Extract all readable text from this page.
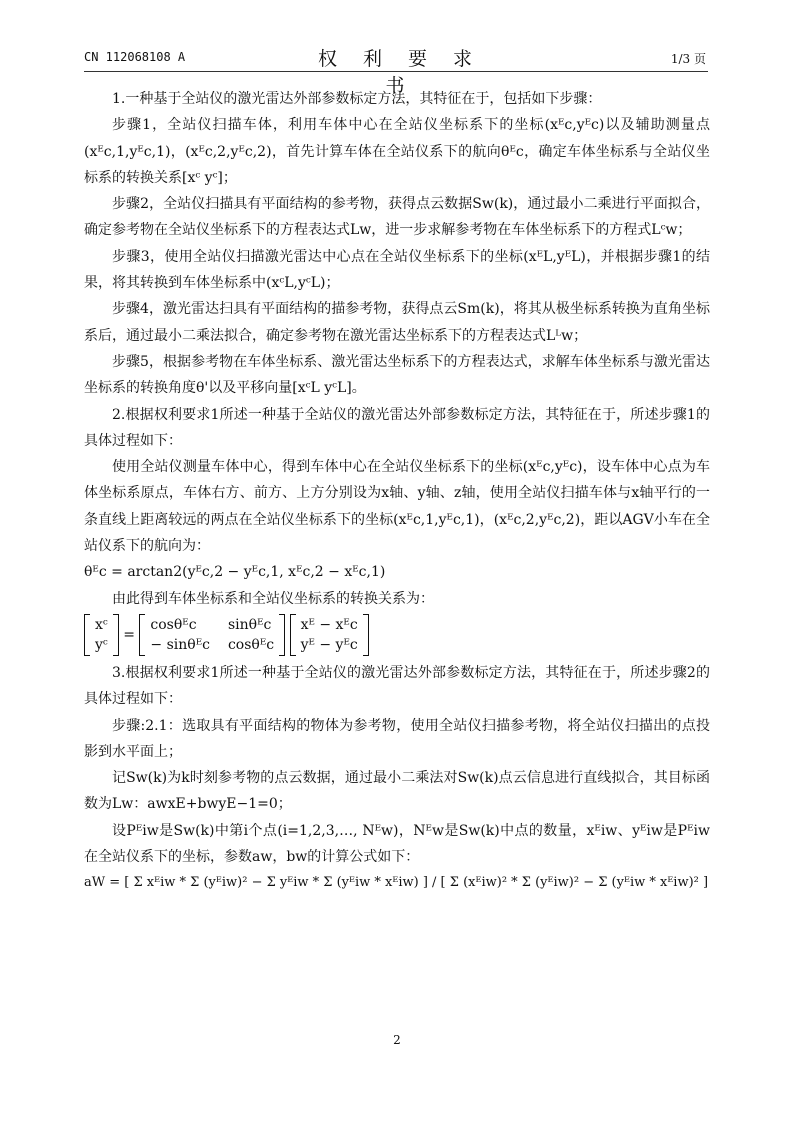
CN 112068108 A	权 利 要 求 书
1/3 页

1.一种基于全站仪的激光雷达外部参数标定方法，其特征在于，包括如下步骤：

步骤1，全站仪扫描车体，利用车体中心在全站仪坐标系下的坐标(xᴱc,yᴱc)以及辅助测量点(xᴱc,1,yᴱc,1)，(xᴱc,2,yᴱc,2)，首先计算车体在全站仪系下的航向θᴱc，确定车体坐标系与全站仪坐标系的转换关系[xᶜ yᶜ]；

步骤2，全站仪扫描具有平面结构的参考物，获得点云数据Sw(k)，通过最小二乘进行平面拟合，确定参考物在全站仪坐标系下的方程表达式Lw，进一步求解参考物在车体坐标系下的方程式Lᶜw；

步骤3，使用全站仪扫描激光雷达中心点在全站仪坐标系下的坐标(xᴱL,yᴱL)，并根据步骤1的结果，将其转换到车体坐标系中(xᶜL,yᶜL)；

步骤4，激光雷达扫具有平面结构的描参考物，获得点云Sm(k)，将其从极坐标系转换为直角坐标系后，通过最小二乘法拟合，确定参考物在激光雷达坐标系下的方程表达式Lᴸw；

步骤5，根据参考物在车体坐标系、激光雷达坐标系下的方程表达式，求解车体坐标系与激光雷达坐标系的转换角度θ'以及平移向量[xᶜL yᶜL]。

2.根据权利要求1所述一种基于全站仪的激光雷达外部参数标定方法，其特征在于，所述步骤1的具体过程如下：

使用全站仪测量车体中心，得到车体中心在全站仪坐标系下的坐标(xᴱc,yᴱc)，设车体中心点为车体坐标系原点，车体右方、前方、上方分别设为x轴、y轴、z轴，使用全站仪扫描车体与x轴平行的一条直线上距离较远的两点在全站仪坐标系下的坐标(xᴱc,1,yᴱc,1)，(xᴱc,2,yᴱc,2)，距以AGV小车在全站仪系下的航向为：

θᴱc = arctan2(yᴱc,2 − yᴱc,1, xᴱc,2 − xᴱc,1)

由此得到车体坐标系和全站仪坐标系的转换关系为：

xᶜ
yᶜ
=
cosθᴱc	sinθᴱc
− sinθᴱc cosθᴱc

xᴱ − xᴱc
yᴱ − yᴱc

3.根据权利要求1所述一种基于全站仪的激光雷达外部参数标定方法，其特征在于，所述步骤2的具体过程如下：

步骤:2.1：选取具有平面结构的物体为参考物，使用全站仪扫描参考物，将全站仪扫描出的点投影到水平面上；

记Sw(k)为k时刻参考物的点云数据，通过最小二乘法对Sw(k)点云信息进行直线拟合，其目标函数为Lw：awxE+bwyE−1=0；

设Pᴱiw是Sw(k)中第i个点(i=1,2,3,…, Nᴱw)，Nᴱw是Sw(k)中点的数量，xᴱiw、yᴱiw是Pᴱiw在全站仪系下的坐标，参数aw，bw的计算公式如下：

aW = [ Σ xᴱiw * Σ (yᴱiw)² − Σ yᴱiw * Σ (yᴱiw * xᴱiw) ] / [ Σ (xᴱiw)² * Σ (yᴱiw)² − Σ (yᴱiw * xᴱiw)² ]

2
